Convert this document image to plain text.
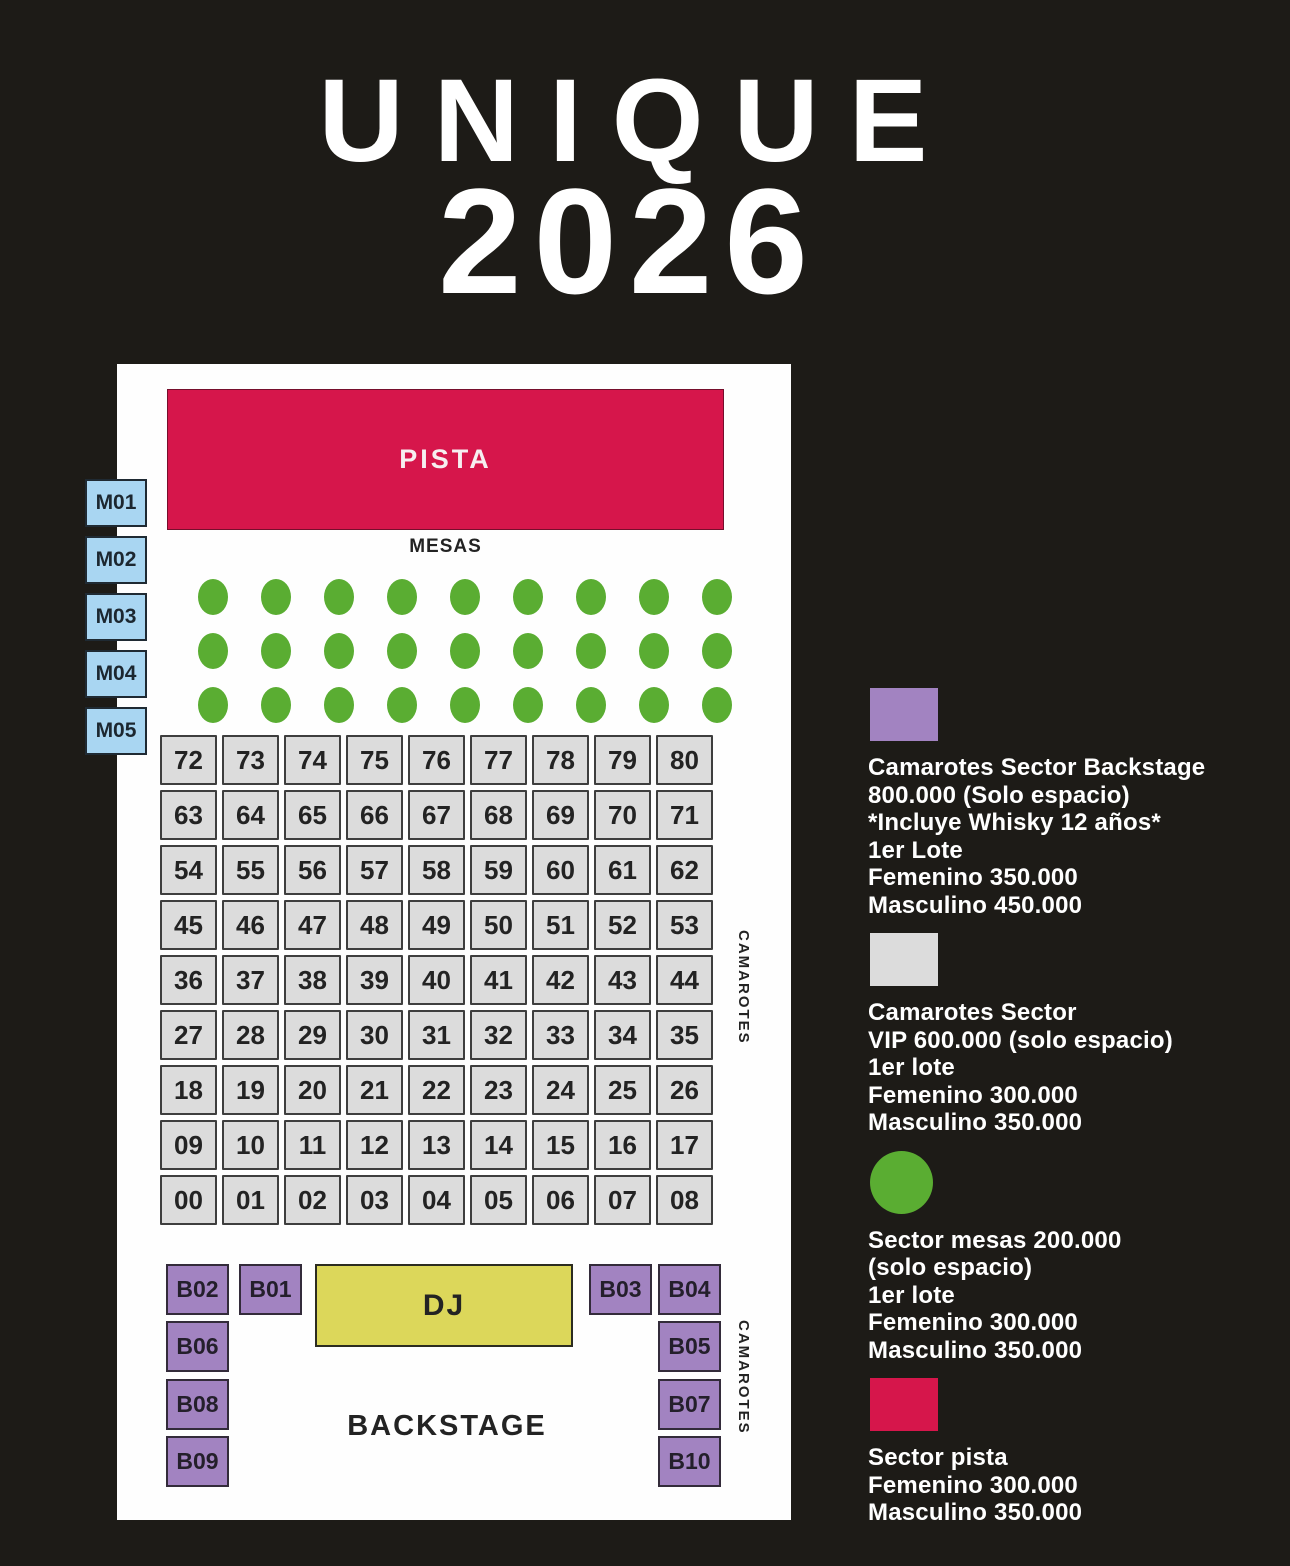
UNIQUE
2026
PISTA
MESAS
72	73	74	75	76	77	78	79	80
63	64	65	66	67	68	69	70	71
54	55	56	57	58	59	60	61	62
45	46	47	48	49	50	51	52	53
36	37	38	39	40	41	42	43	44
27	28	29	30	31	32	33	34	35
18	19	20	21	22	23	24	25	26
09	10	11	12	13	14	15	16	17
00	01	02	03	04	05	06	07	08
CAMAROTES
CAMAROTES
DJ
BACKSTAGE
B02	B01	B03	B04
B06
B08
B09
B05
B07
B10
M01
M02
M03
M04
M05
Camarotes Sector Backstage
800.000 (Solo espacio)
*Incluye Whisky 12 años*
1er Lote
Femenino 350.000
Masculino 450.000
Camarotes Sector
VIP 600.000 (solo espacio)
1er lote
Femenino 300.000
Masculino 350.000
Sector mesas 200.000
(solo espacio)
1er lote
Femenino 300.000
Masculino 350.000
Sector pista
Femenino 300.000
Masculino 350.000
